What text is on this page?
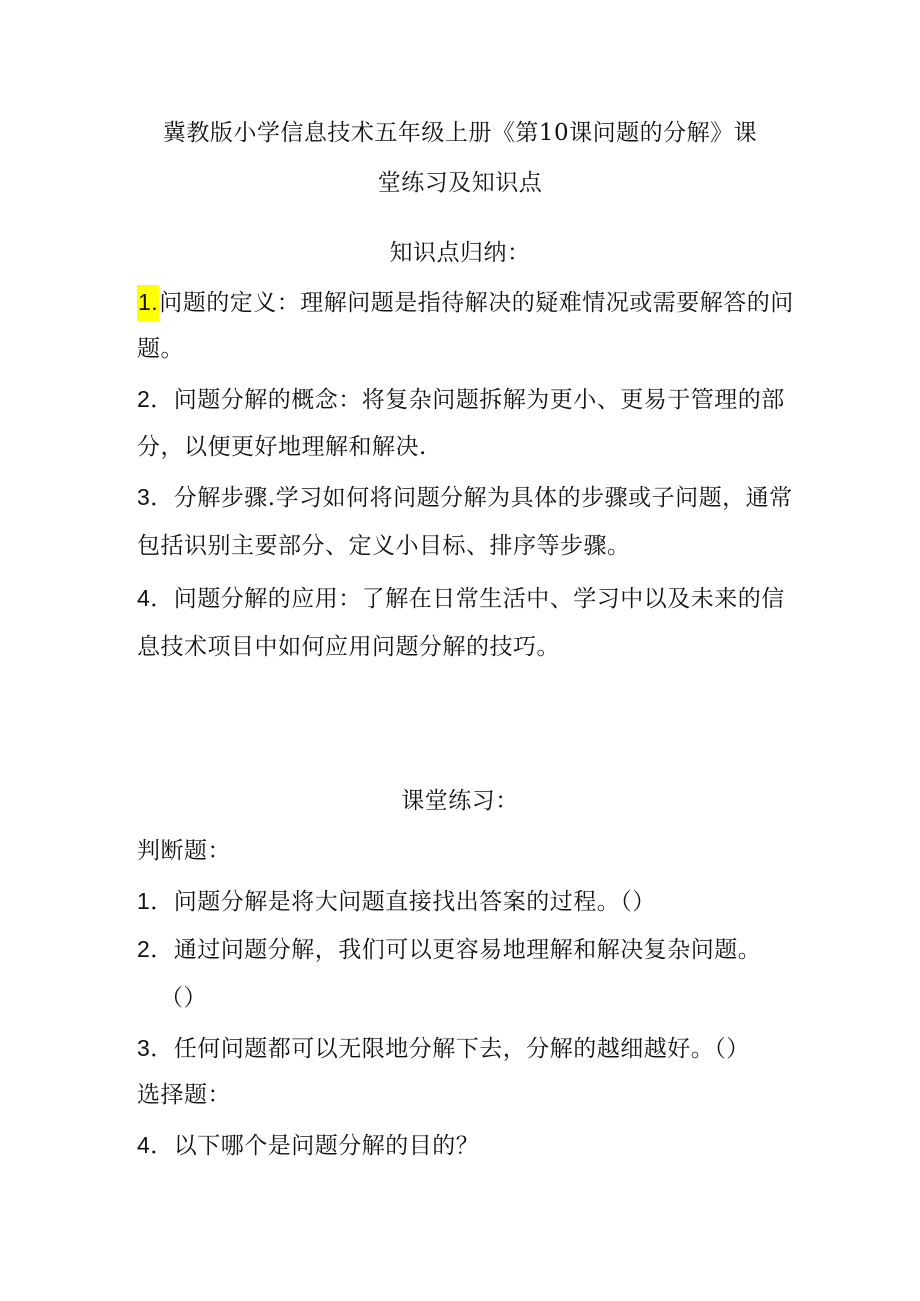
冀教版小学信息技术五年级上册《第10课问题的分解》课
堂练习及知识点
知识点归纳：
1.问题的定义：理解问题是指待解决的疑难情况或需要解答的问
题。
2．问题分解的概念：将复杂问题拆解为更小、更易于管理的部
分，以便更好地理解和解决.
3．分解步骤.学习如何将问题分解为具体的步骤或子问题，通常
包括识别主要部分、定义小目标、排序等步骤。
4．问题分解的应用：了解在日常生活中、学习中以及未来的信
息技术项目中如何应用问题分解的技巧。
课堂练习：
判断题：
1．问题分解是将大问题直接找出答案的过程。（）
2．通过问题分解，我们可以更容易地理解和解决复杂问题。
（）
3．任何问题都可以无限地分解下去，分解的越细越好。（）
选择题：
4．以下哪个是问题分解的目的？
